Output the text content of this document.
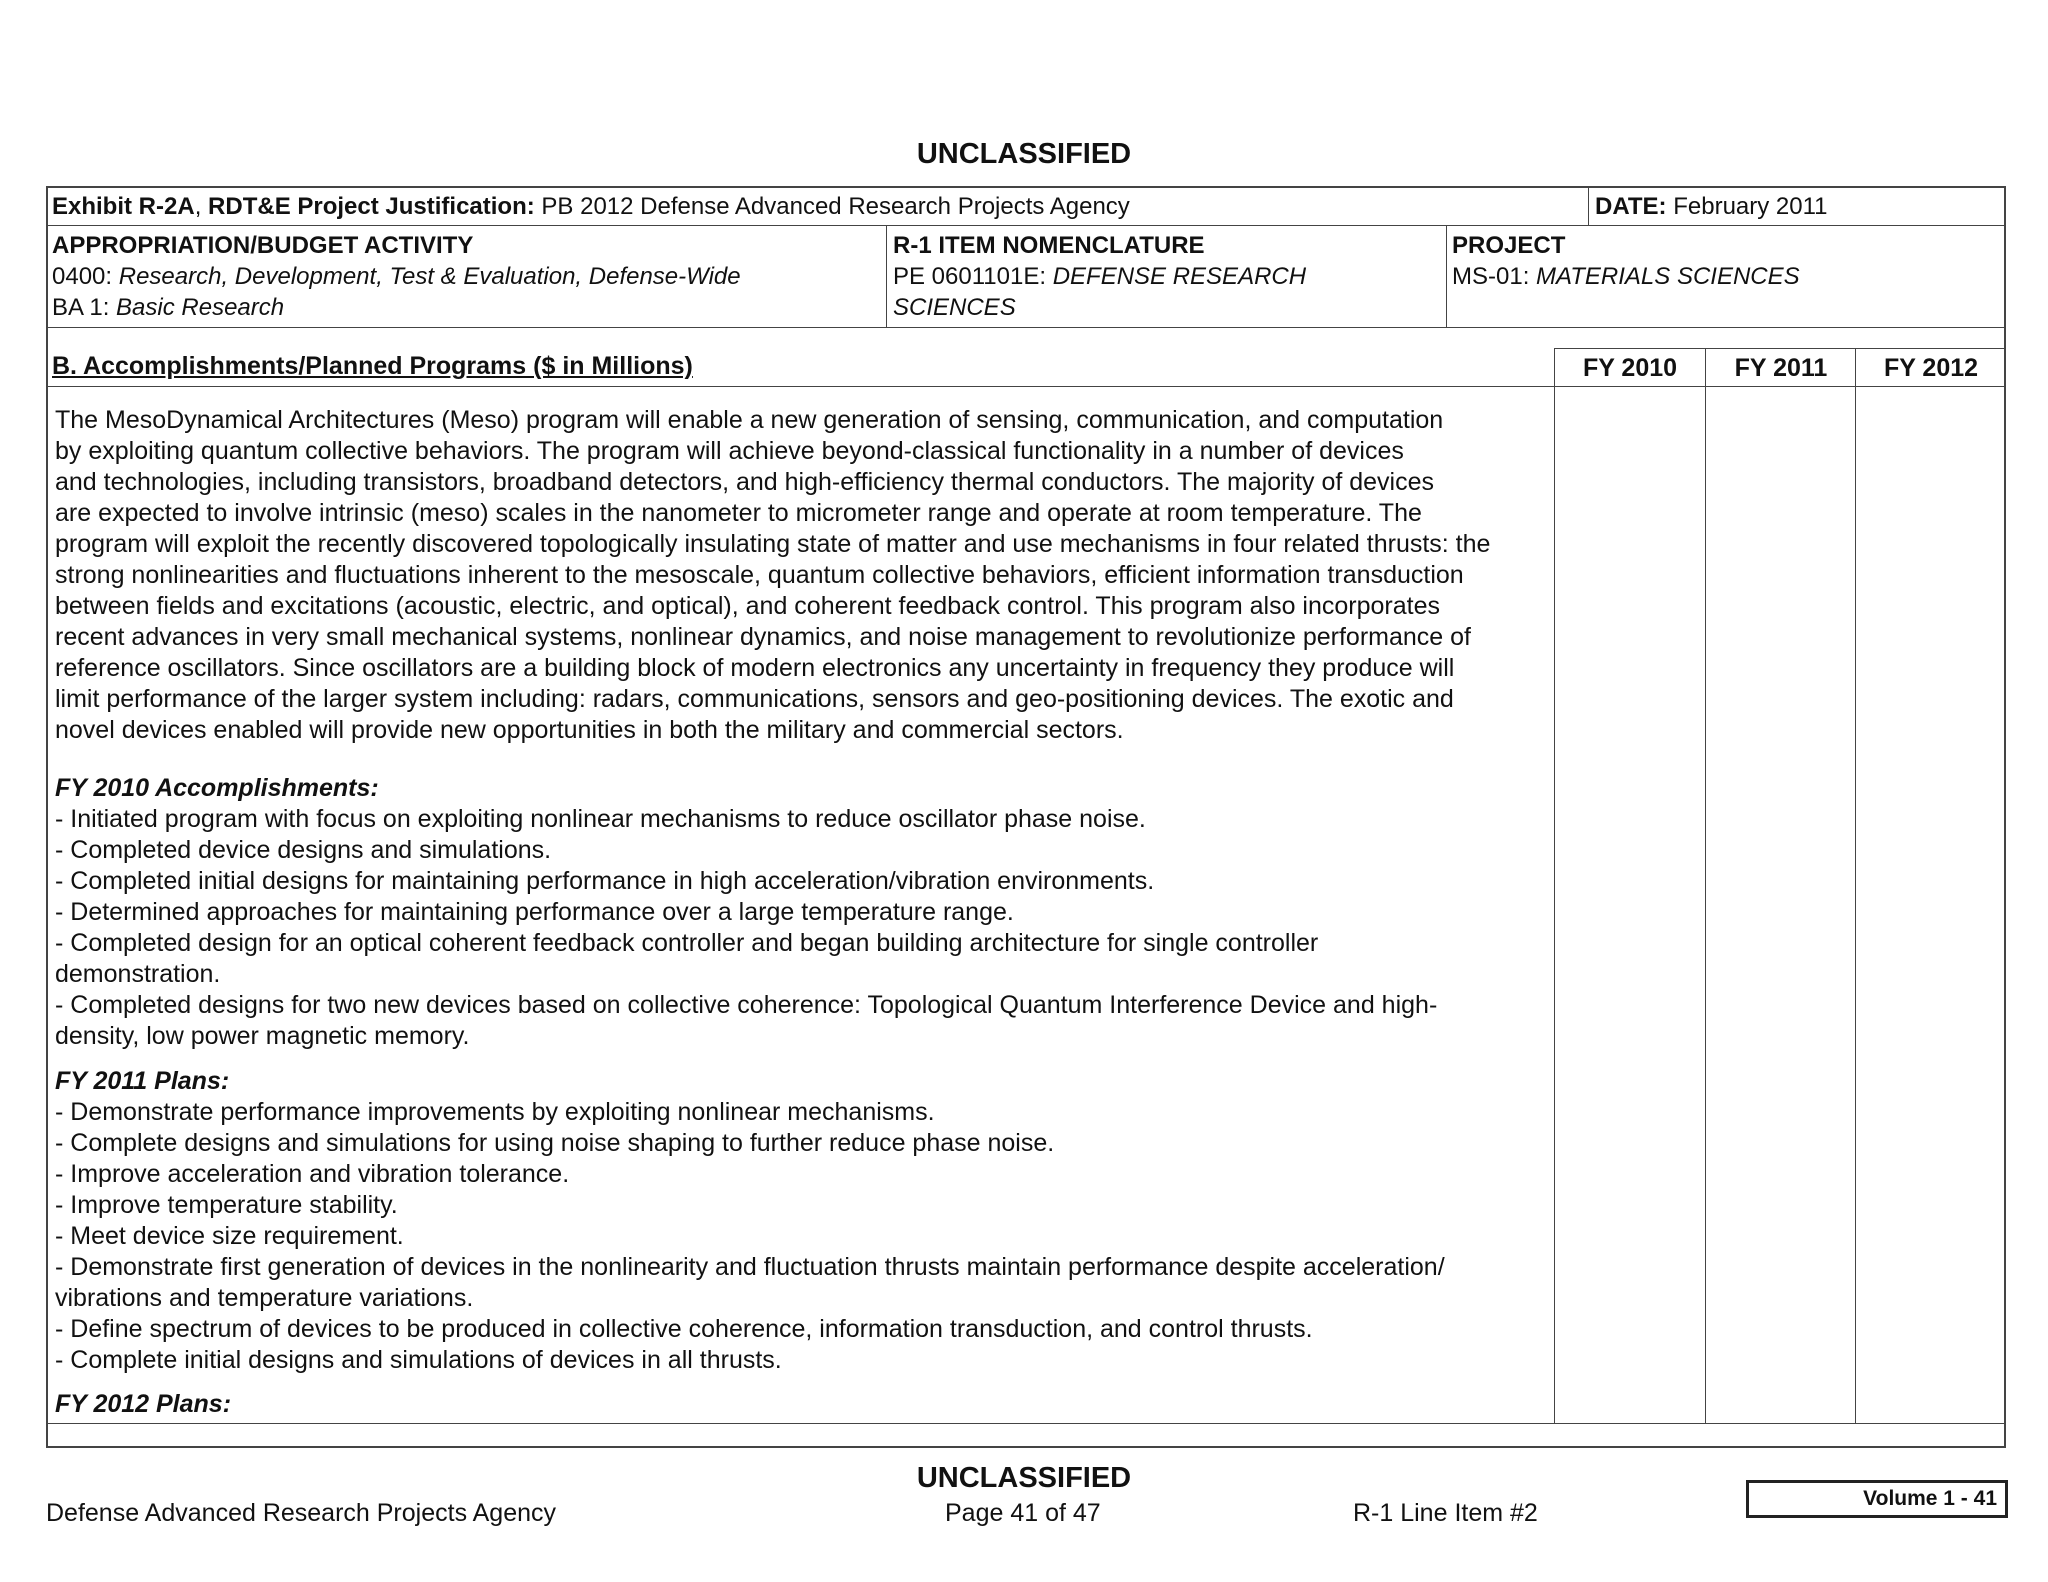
UNCLASSIFIED
Exhibit R-2A, RDT&E Project Justification: PB 2012 Defense Advanced Research Projects Agency	DATE: February 2011
APPROPRIATION/BUDGET ACTIVITY
0400: Research, Development, Test & Evaluation, Defense-Wide
BA 1: Basic Research
R-1 ITEM NOMENCLATURE
PE 0601101E: DEFENSE RESEARCH
SCIENCES
PROJECT
MS-01: MATERIALS SCIENCES
B. Accomplishments/Planned Programs ($ in Millions)	FY 2010	FY 2011	FY 2012
The MesoDynamical Architectures (Meso) program will enable a new generation of sensing, communication, and computation
by exploiting quantum collective behaviors. The program will achieve beyond-classical functionality in a number of devices
and technologies, including transistors, broadband detectors, and high-efficiency thermal conductors. The majority of devices
are expected to involve intrinsic (meso) scales in the nanometer to micrometer range and operate at room temperature. The
program will exploit the recently discovered topologically insulating state of matter and use mechanisms in four related thrusts: the
strong nonlinearities and fluctuations inherent to the mesoscale, quantum collective behaviors, efficient information transduction
between fields and excitations (acoustic, electric, and optical), and coherent feedback control. This program also incorporates
recent advances in very small mechanical systems, nonlinear dynamics, and noise management to revolutionize performance of
reference oscillators. Since oscillators are a building block of modern electronics any uncertainty in frequency they produce will
limit performance of the larger system including: radars, communications, sensors and geo-positioning devices. The exotic and
novel devices enabled will provide new opportunities in both the military and commercial sectors.
FY 2010 Accomplishments:
- Initiated program with focus on exploiting nonlinear mechanisms to reduce oscillator phase noise.
- Completed device designs and simulations.
- Completed initial designs for maintaining performance in high acceleration/vibration environments.
- Determined approaches for maintaining performance over a large temperature range.
- Completed design for an optical coherent feedback controller and began building architecture for single controller
demonstration.
- Completed designs for two new devices based on collective coherence: Topological Quantum Interference Device and high-
density, low power magnetic memory.
FY 2011 Plans:
- Demonstrate performance improvements by exploiting nonlinear mechanisms.
- Complete designs and simulations for using noise shaping to further reduce phase noise.
- Improve acceleration and vibration tolerance.
- Improve temperature stability.
- Meet device size requirement.
- Demonstrate first generation of devices in the nonlinearity and fluctuation thrusts maintain performance despite acceleration/
vibrations and temperature variations.
- Define spectrum of devices to be produced in collective coherence, information transduction, and control thrusts.
- Complete initial designs and simulations of devices in all thrusts.
FY 2012 Plans:
UNCLASSIFIED
Defense Advanced Research Projects Agency	Page 41 of 47	R-1 Line Item #2
Volume 1 - 41
